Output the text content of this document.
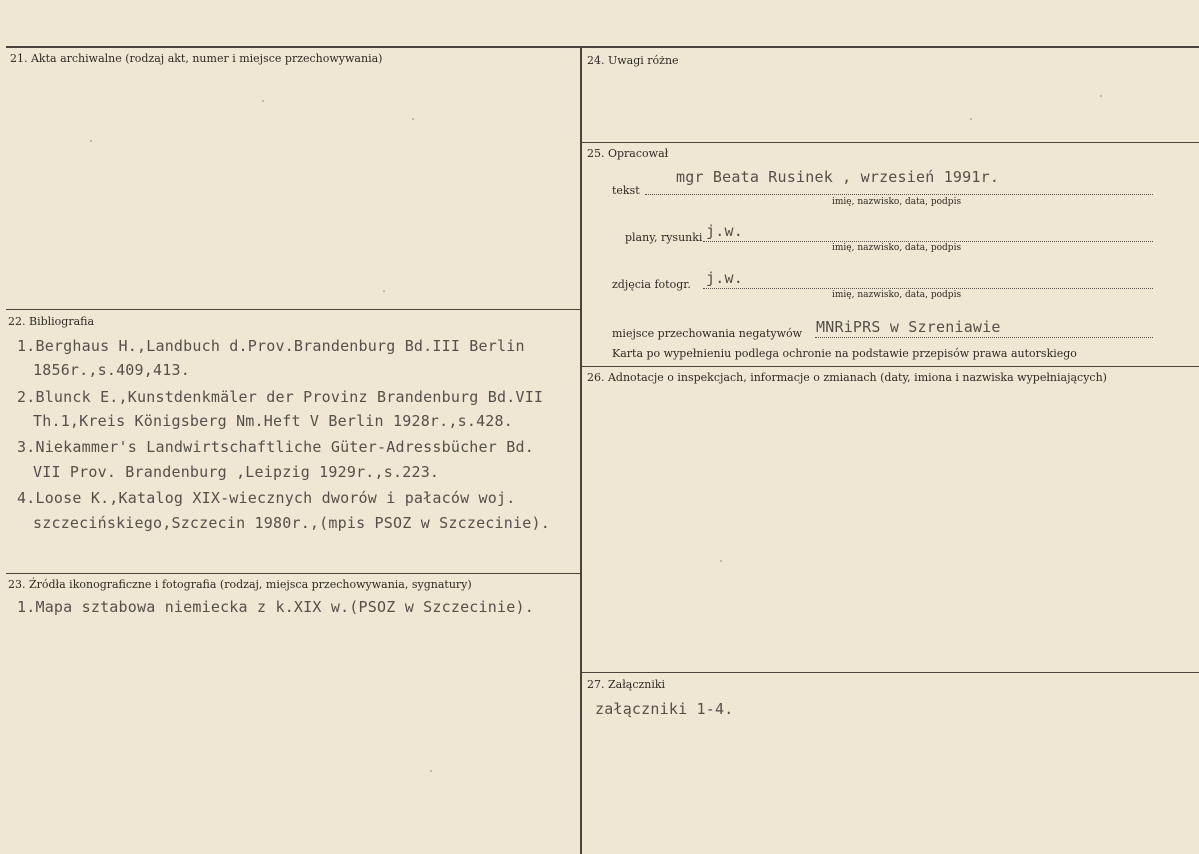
21. Akta archiwalne (rodzaj akt, numer i miejsce przechowywania)
22. Bibliografia
1.Berghaus H.,Landbuch d.Prov.Brandenburg Bd.III Berlin
1856r.,s.409,413.
2.Blunck E.,Kunstdenkmäler der Provinz Brandenburg Bd.VII
Th.1,Kreis Königsberg Nm.Heft V Berlin 1928r.,s.428.
3.Niekammer's Landwirtschaftliche Güter-Adressbücher Bd.
VII Prov. Brandenburg ,Leipzig 1929r.,s.223.
4.Loose K.,Katalog XIX-wiecznych dworów i pałaców woj.
szczecińskiego,Szczecin 1980r.,(mpis PSOZ w Szczecinie).
23. Źródła ikonograficzne i fotografia (rodzaj, miejsca przechowywania, sygnatury)
1.Mapa sztabowa niemiecka z k.XIX w.(PSOZ w Szczecinie).
24. Uwagi różne
25. Opracował
tekst
mgr Beata Rusinek , wrzesień 1991r.
imię, nazwisko, data, podpis
plany, rysunki j.w.
imię, nazwisko, data, podpis
zdjęcia fotogr. j.w.
imię, nazwisko, data, podpis
miejsce przechowania negatywów MNRiPRS w Szreniawie
Karta po wypełnieniu podlega ochronie na podstawie przepisów prawa autorskiego
26. Adnotacje o inspekcjach, informacje o zmianach (daty, imiona i nazwiska wypełniających)
27. Załączniki
załączniki 1-4.
